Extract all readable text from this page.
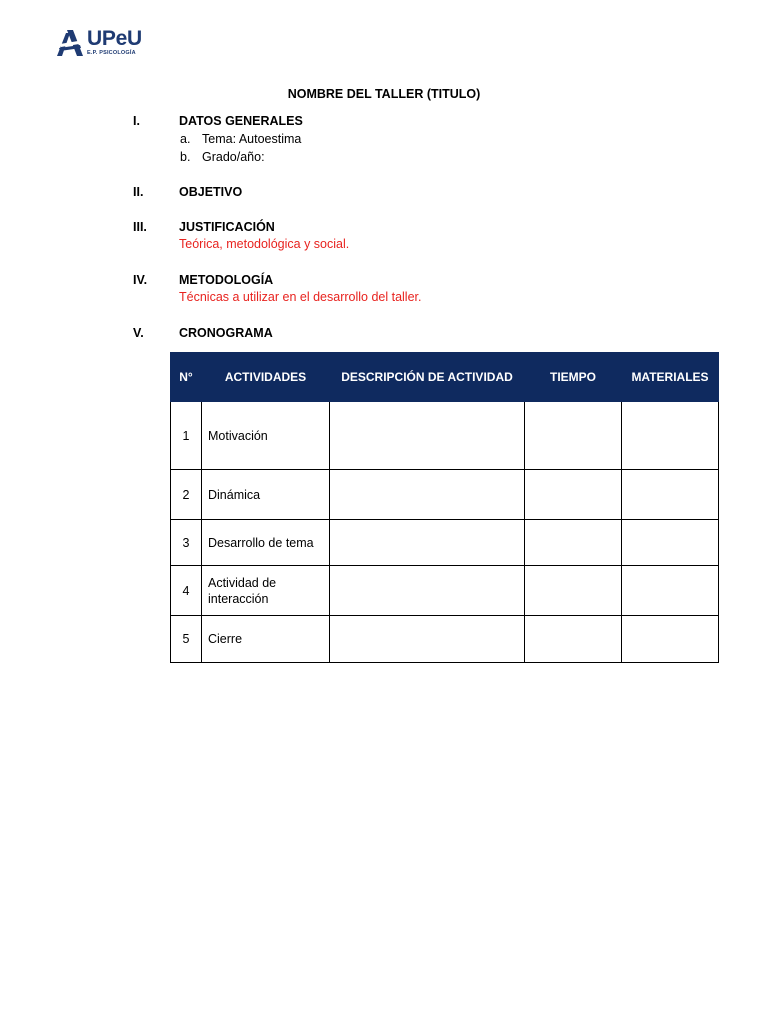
UPeU
E.P. PSICOLOGÍA
NOMBRE DEL TALLER (TITULO)
I.	DATOS GENERALES
a. Tema: Autoestima
b. Grado/año:
II.	OBJETIVO
III.	JUSTIFICACIÓN
Teórica, metodológica y social.
IV.	METODOLOGÍA
Técnicas a utilizar en el desarrollo del taller.
V.	CRONOGRAMA
N°	ACTIVIDADES	DESCRIPCIÓN DE ACTIVIDAD	TIEMPO	MATERIALES
1	Motivación			
2	Dinámica			
3	Desarrollo de tema			
4	Actividad de interacción			
5	Cierre			
